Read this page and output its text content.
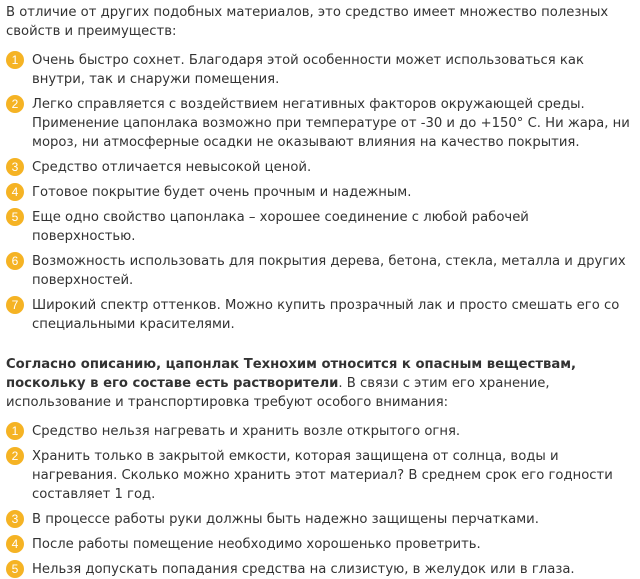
В отличие от других подобных материалов, это средство имеет множество полезных свойств и преимуществ:

1	Очень быстро сохнет. Благодаря этой особенности может использоваться как внутри, так и снаружи помещения.
2	Легко справляется с воздействием негативных факторов окружающей среды. Применение цапонлака возможно при температуре от -30 и до +150° С. Ни жара, ни мороз, ни атмосферные осадки не оказывают влияния на качество покрытия.
3	Средство отличается невысокой ценой.
4	Готовое покрытие будет очень прочным и надежным.
5	Еще одно свойство цапонлака – хорошее соединение с любой рабочей поверхностью.
6	Возможность использовать для покрытия дерева, бетона, стекла, металла и других поверхностей.
7	Широкий спектр оттенков. Можно купить прозрачный лак и просто смешать его со специальными красителями.

Согласно описанию, цапонлак Технохим относится к опасным веществам, поскольку в его составе есть растворители. В связи с этим его хранение, использование и транспортировка требуют особого внимания:

1	Средство нельзя нагревать и хранить возле открытого огня.
2	Хранить только в закрытой емкости, которая защищена от солнца, воды и нагревания. Сколько можно хранить этот материал? В среднем срок его годности составляет 1 год.
3	В процессе работы руки должны быть надежно защищены перчатками.
4	После работы помещение необходимо хорошенько проветрить.
5	Нельзя допускать попадания средства на слизистую, в желудок или в глаза.
